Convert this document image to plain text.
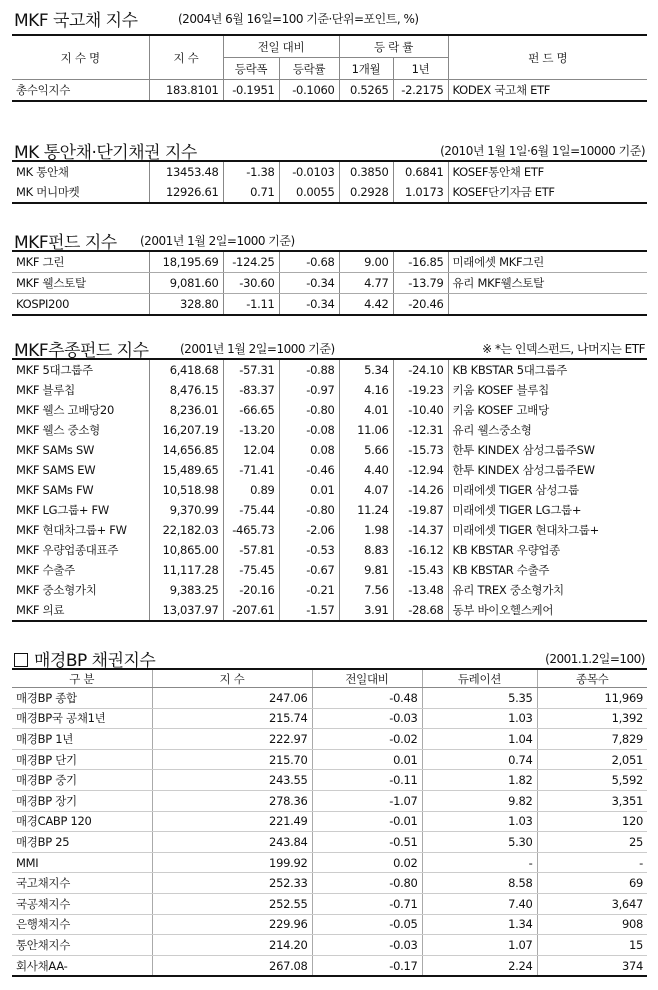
MKF 국고채 지수	(2004년 6월 16일=100 기준·단위=포인트, %)
지 수 명	지 수	전일 대비		등 락 률		펀 드 명
		등락폭	등락률	1개월	1년	
총수익지수	183.8101	-0.1951	-0.1060	0.5265	-2.2175	KODEX 국고채 ETF
MK 통안채·단기채권 지수	(2010년 1월 1일·6월 1일=10000 기준)
MK 통안채	13453.48	-1.38	-0.0103	0.3850	0.6841	KOSEF통안채 ETF
MK 머니마켓	12926.61	0.71	0.0055	0.2928	1.0173	KOSEF단기자금 ETF
MKF펀드 지수 (2001년 1월 2일=1000 기준)
MKF 그린	18,195.69	-124.25	-0.68	9.00	-16.85	미래에셋 MKF그린
MKF 웰스토탈	9,081.60	-30.60	-0.34	4.77	-13.79	유리 MKF웰스토탈
KOSPI200	328.80	-1.11	-0.34	4.42	-20.46	
MKF추종펀드 지수	(2001년 1월 2일=1000 기준)	※ *는 인덱스펀드, 나머지는 ETF
MKF 5대그룹주	6,418.68	-57.31	-0.88	5.34	-24.10	KB KBSTAR 5대그룹주
MKF 블루칩	8,476.15	-83.37	-0.97	4.16	-19.23	키움 KOSEF 블루칩
MKF 웰스 고배당20	8,236.01	-66.65	-0.80	4.01	-10.40	키움 KOSEF 고배당
MKF 웰스 중소형	16,207.19	-13.20	-0.08	11.06	-12.31	유리 웰스중소형
MKF SAMs SW	14,656.85	12.04	0.08	5.66	-15.73	한투 KINDEX 삼성그룹주SW
MKF SAMS EW	15,489.65	-71.41	-0.46	4.40	-12.94	한투 KINDEX 삼성그룹주EW
MKF SAMs FW	10,518.98	0.89	0.01	4.07	-14.26	미래에셋 TIGER 삼성그룹
MKF LG그룹+ FW	9,370.99	-75.44	-0.80	11.24	-19.87	미래에셋 TIGER LG그룹+
MKF 현대차그룹+ FW	22,182.03	-465.73	-2.06	1.98	-14.37	미래에셋 TIGER 현대차그룹+
MKF 우량업종대표주	10,865.00	-57.81	-0.53	8.83	-16.12	KB KBSTAR 우량업종
MKF 수출주	11,117.28	-75.45	-0.67	9.81	-15.43	KB KBSTAR 수출주
MKF 중소형가치	9,383.25	-20.16	-0.21	7.56	-13.48	유리 TREX 중소형가치
MKF 의료	13,037.97	-207.61	-1.57	3.91	-28.68	동부 바이오헬스케어
매경BP 채권지수	(2001.1.2일=100)
구 분	지 수	전일대비	듀레이션	종목수
매경BP 종합	247.06	-0.48	5.35	11,969
매경BP국 공채1년	215.74	-0.03	1.03	1,392
매경BP 1년	222.97	-0.02	1.04	7,829
매경BP 단기	215.70	0.01	0.74	2,051
매경BP 중기	243.55	-0.11	1.82	5,592
매경BP 장기	278.36	-1.07	9.82	3,351
매경CABP 120	221.49	-0.01	1.03	120
매경BP 25	243.84	-0.51	5.30	25
MMI	199.92	0.02	-	-
국고채지수	252.33	-0.80	8.58	69
국공채지수	252.55	-0.71	7.40	3,647
은행채지수	229.96	-0.05	1.34	908
통안채지수	214.20	-0.03	1.07	15
회사채AA-	267.08	-0.17	2.24	374
